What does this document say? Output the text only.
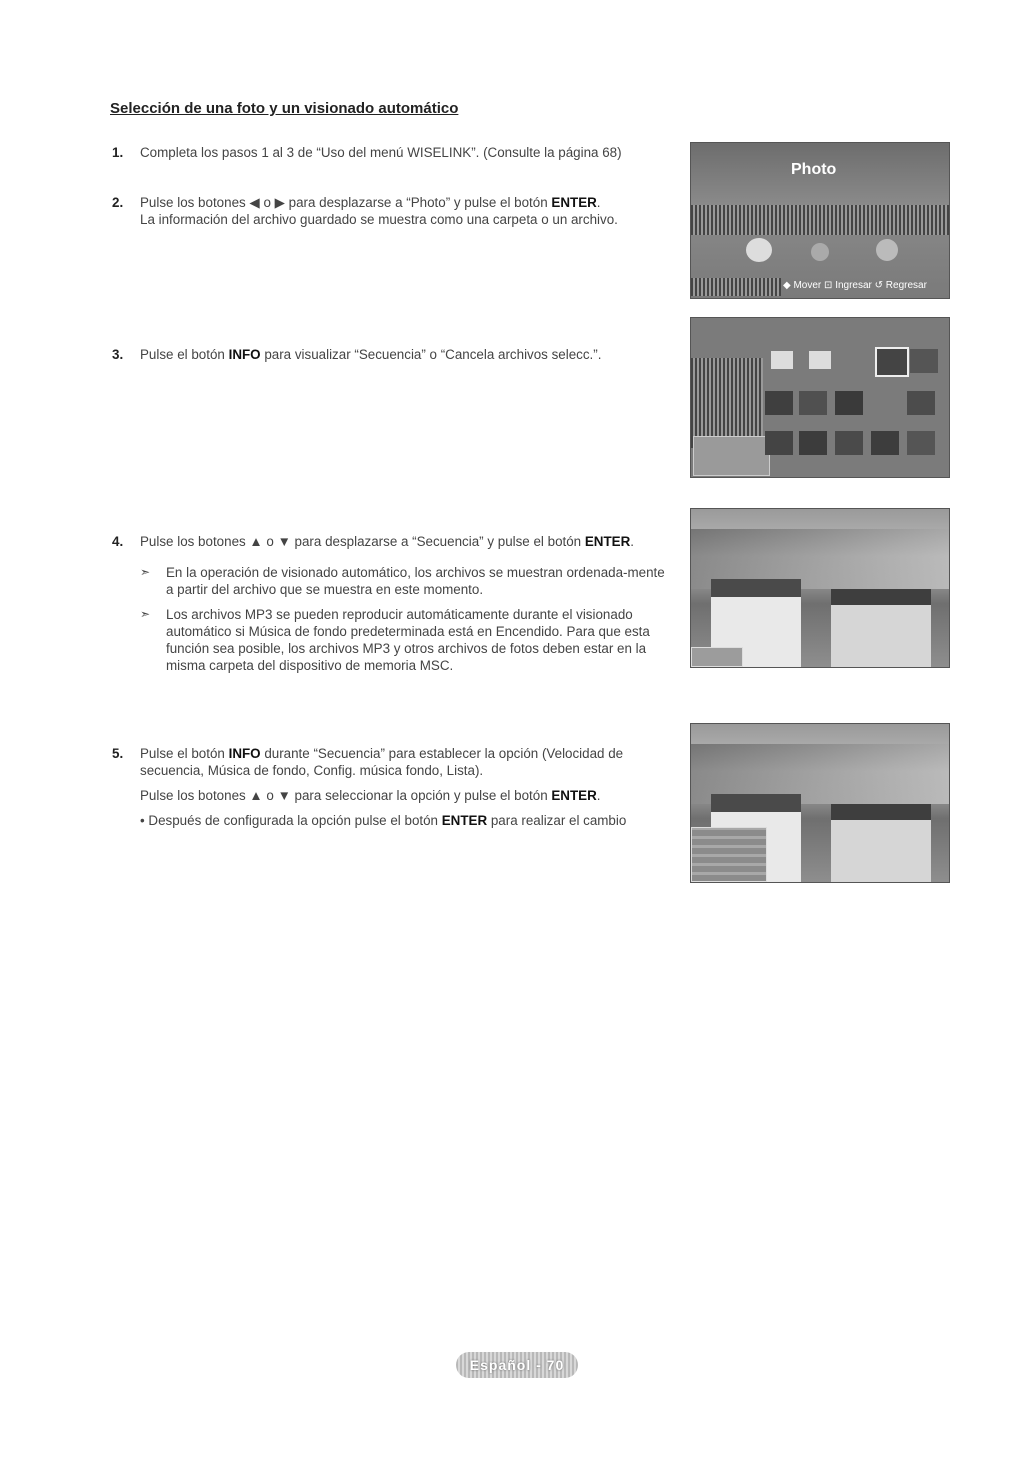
Selección de una foto y un visionado automático
1. Completa los pasos 1 al 3 de “Uso del menú WISELINK”. (Consulte la página 68)

2. Pulse los botones ◀ o ▶ para desplazarse a “Photo” y pulse el botón ENTER.

La información del archivo guardado se muestra como una carpeta o un archivo.

3. Pulse el botón INFO para visualizar “Secuencia” o “Cancela archivos selecc.”.

4. Pulse los botones ▲ o ▼ para desplazarse a “Secuencia” y pulse el botón ENTER.

➣ En la operación de visionado automático, los archivos se muestran ordenada-mente a partir del archivo que se muestra en este momento.
➣ Los archivos MP3 se pueden reproducir automáticamente durante el visionado automático si Música de fondo predeterminada está en Encendido. Para que esta función sea posible, los archivos MP3 y otros archivos de fotos deben estar en la misma carpeta del dispositivo de memoria MSC.
5. Pulse el botón INFO durante “Secuencia” para establecer la opción (Velocidad de secuencia, Música de fondo, Config. música fondo, Lista).

Pulse los botones ▲ o ▼ para seleccionar la opción y pulse el botón ENTER.

• Después de configurada la opción pulse el botón ENTER para realizar el cambio

Photo
◆ Mover ⊡ Ingresar ↺ Regresar
Español - 70
